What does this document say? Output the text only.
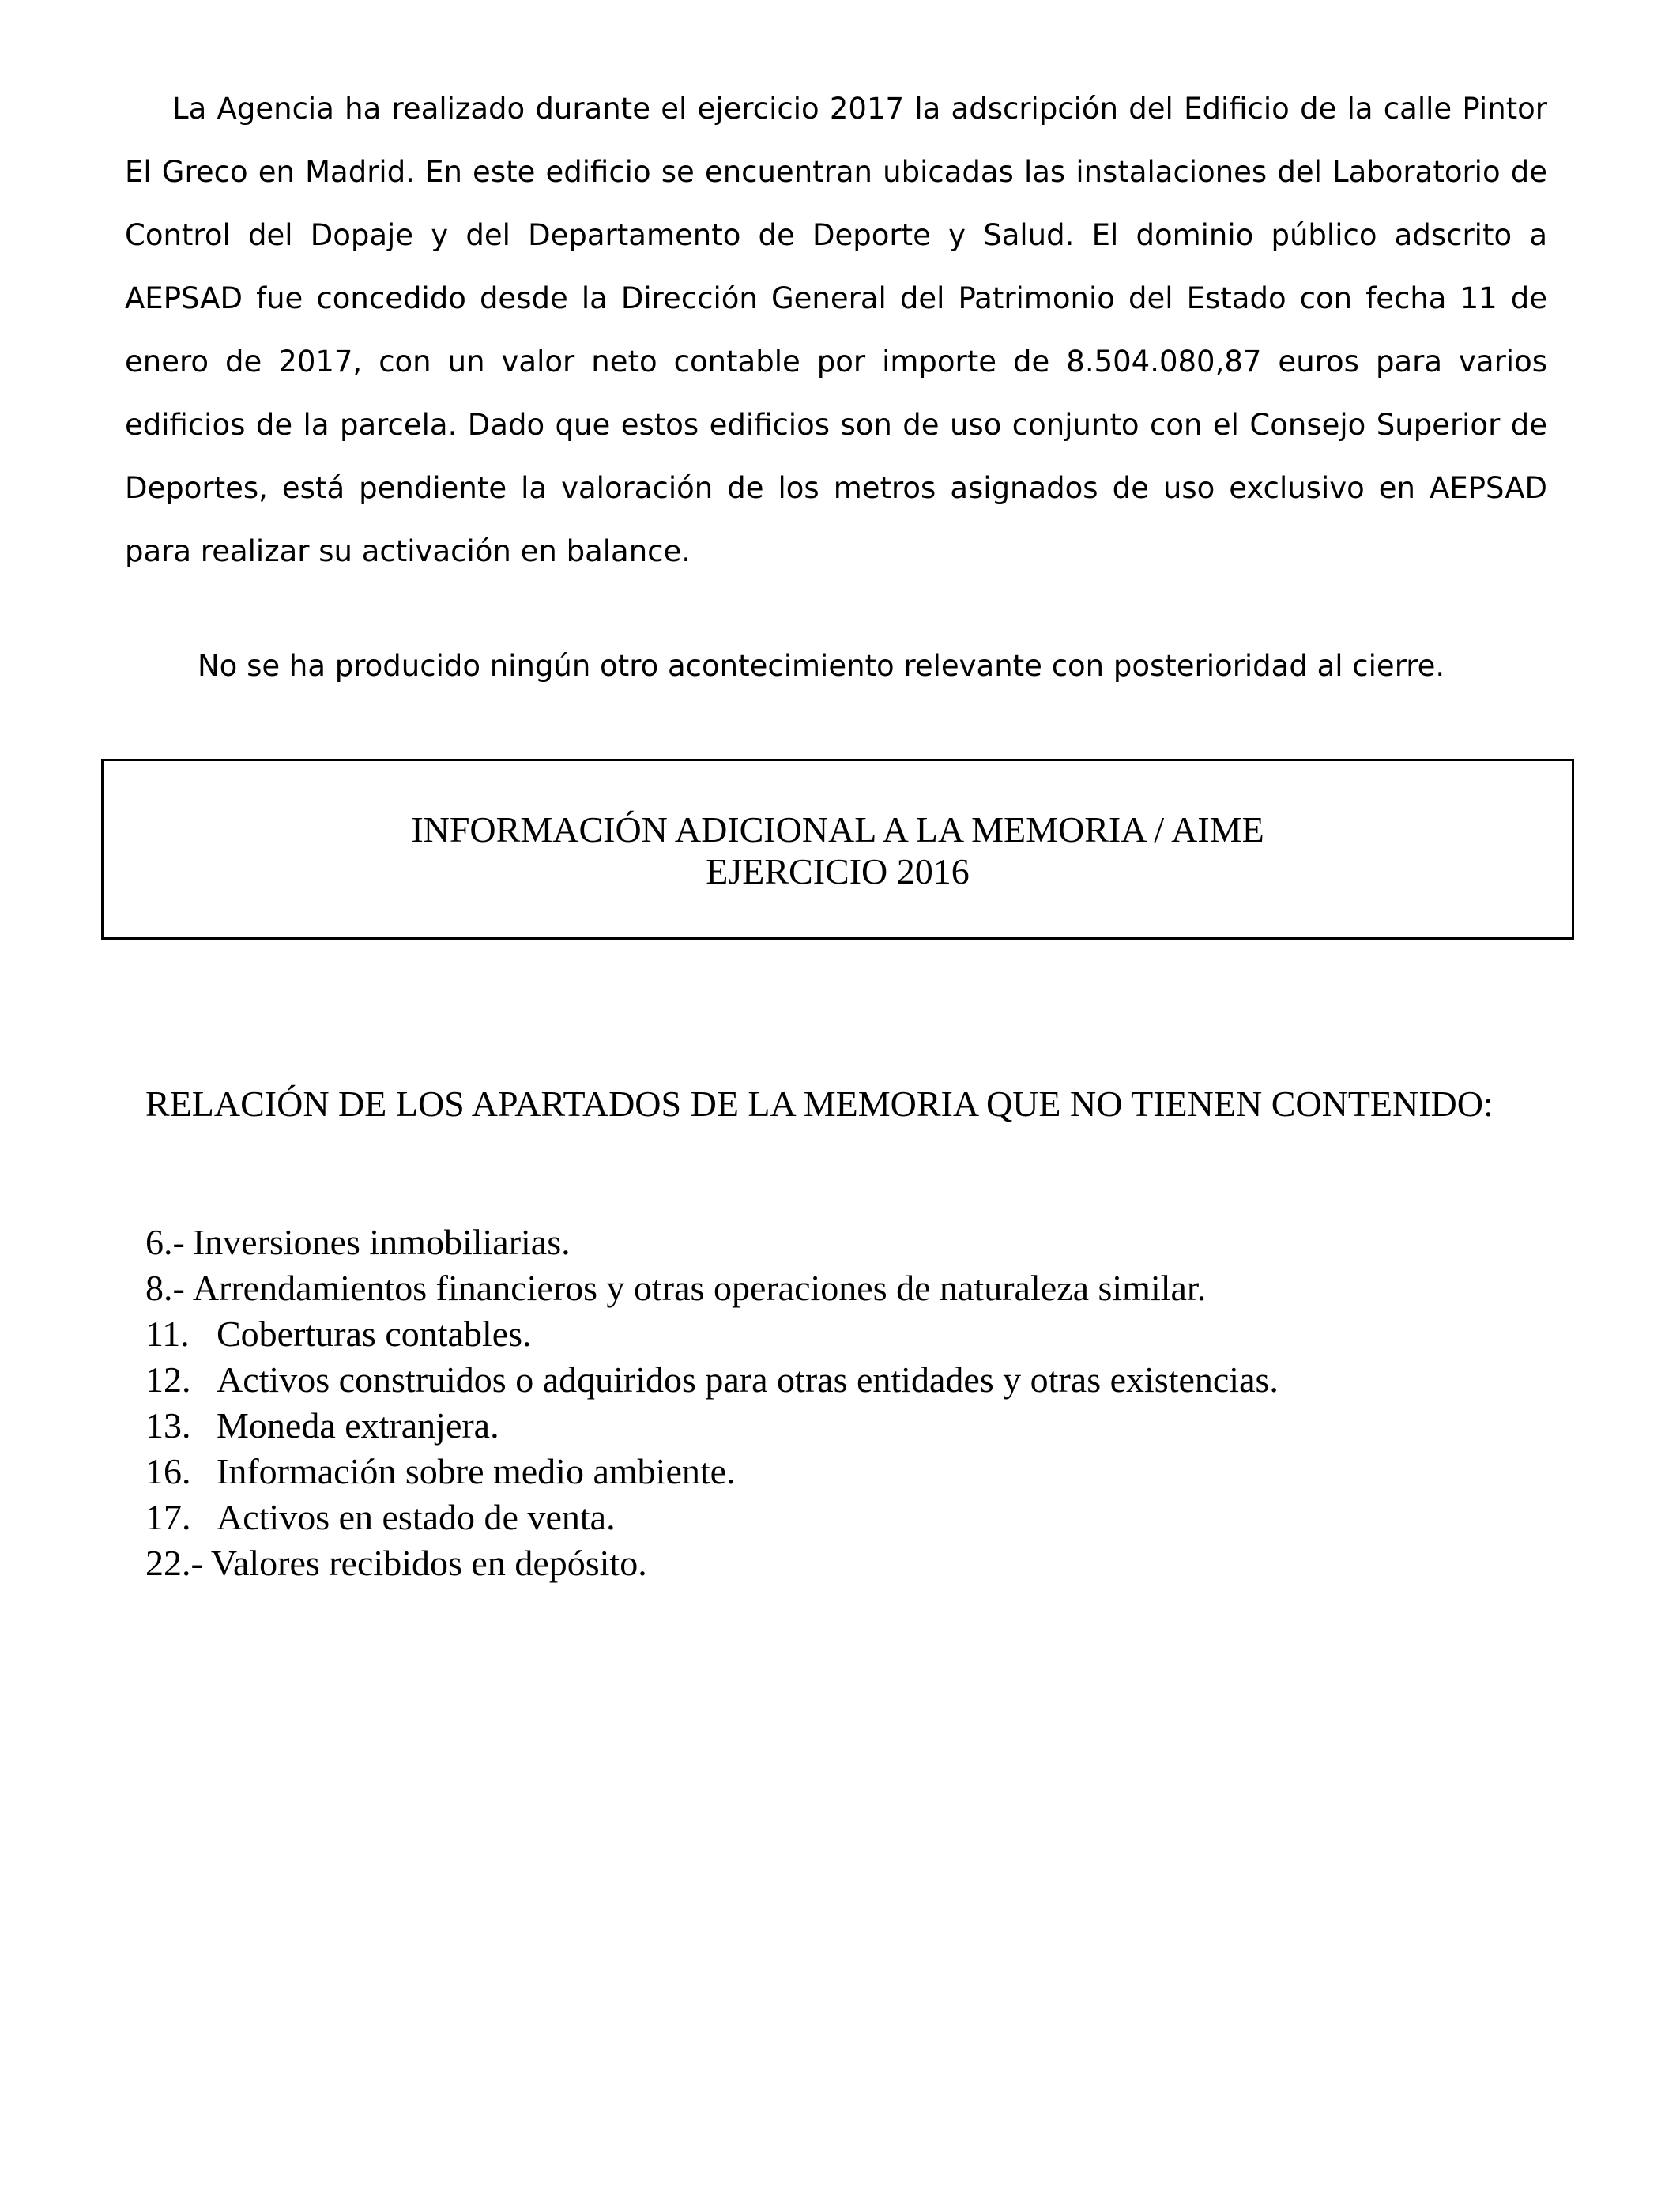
La Agencia ha realizado durante el ejercicio 2017 la adscripción del Edificio de la calle Pintor El Greco en Madrid. En este edificio se encuentran ubicadas las instalaciones del Laboratorio de Control del Dopaje y del Departamento de Deporte y Salud. El dominio público adscrito a AEPSAD fue concedido desde la Dirección General del Patrimonio del Estado con fecha 11 de enero de 2017, con un valor neto contable por importe de 8.504.080,87 euros para varios edificios de la parcela. Dado que estos edificios son de uso conjunto con el Consejo Superior de Deportes, está pendiente la valoración de los metros asignados de uso exclusivo en AEPSAD para realizar su activación en balance.

No se ha producido ningún otro acontecimiento relevante con posterioridad al cierre.

INFORMACIÓN ADICIONAL A LA MEMORIA / AIME
EJERCICIO 2016

RELACIÓN DE LOS APARTADOS DE LA MEMORIA QUE NO TIENEN CONTENIDO:

6.- Inversiones inmobiliarias.
8.- Arrendamientos financieros y otras operaciones de naturaleza similar.
11. Coberturas contables.
12. Activos construidos o adquiridos para otras entidades y otras existencias.
13. Moneda extranjera.
16. Información sobre medio ambiente.
17. Activos en estado de venta.
22.- Valores recibidos en depósito.
